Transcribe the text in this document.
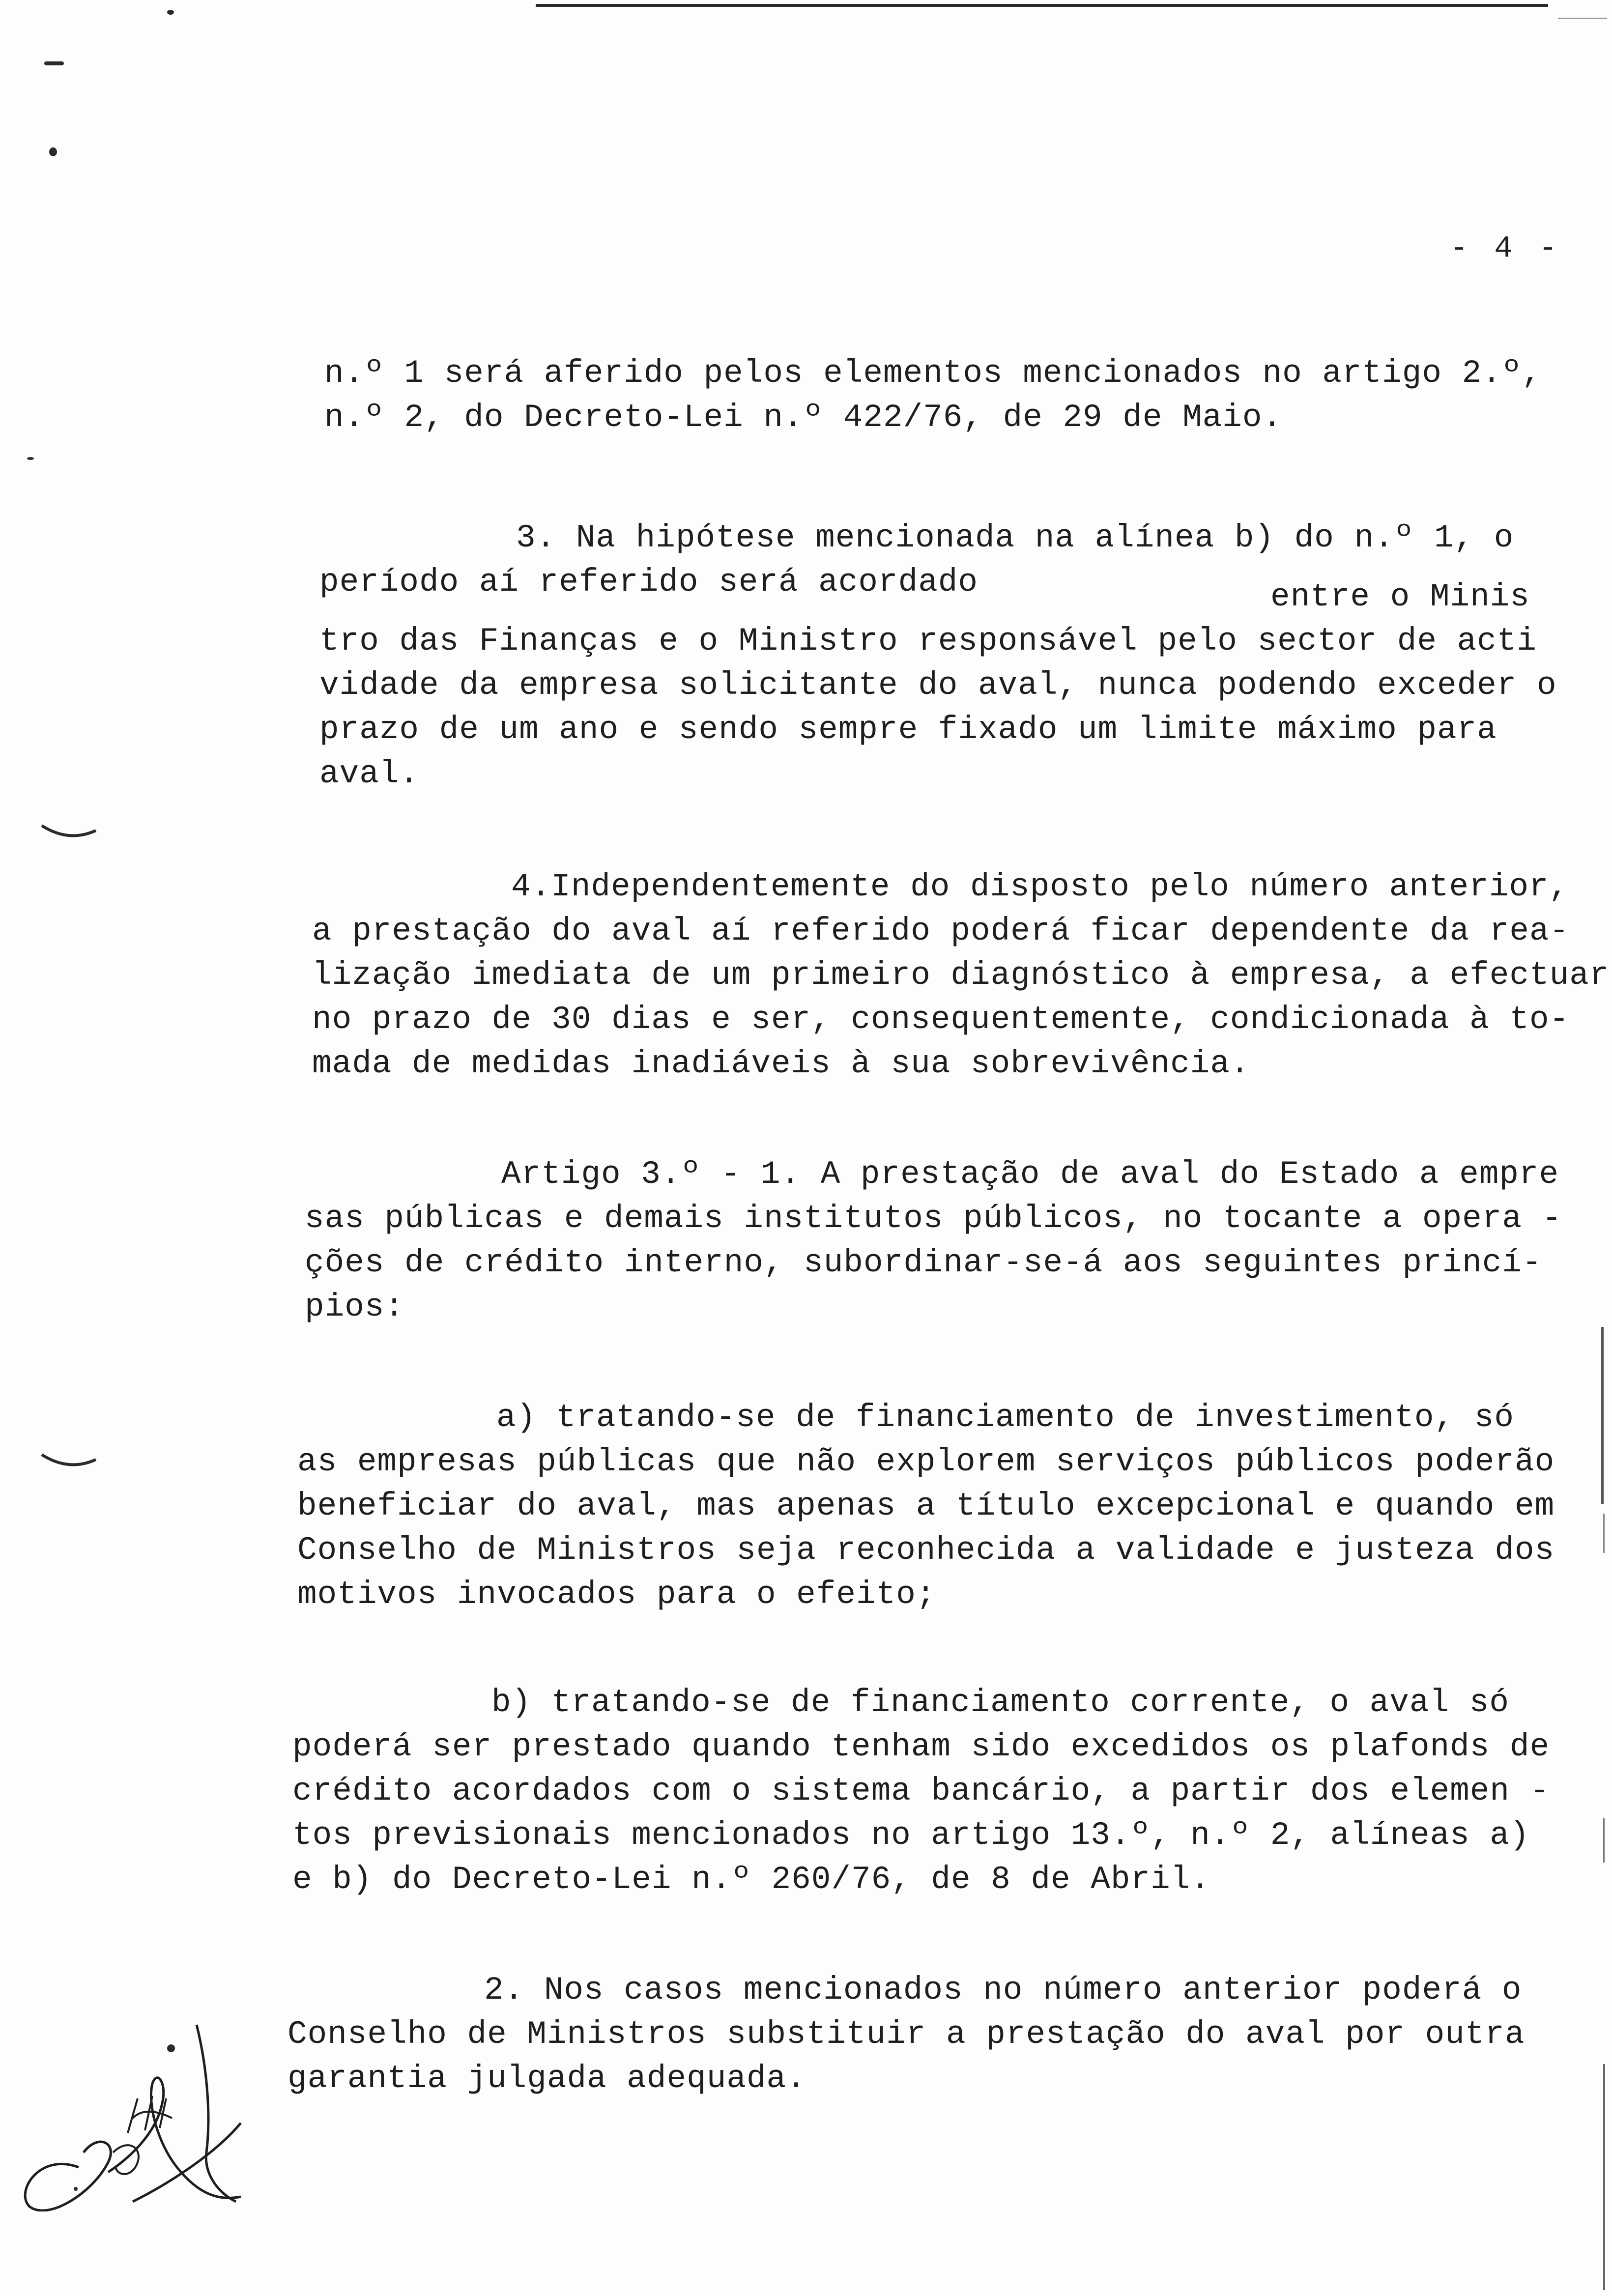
- 4 -
n.º 1 será aferido pelos elementos mencionados no artigo 2.º,
n.º 2, do Decreto-Lei n.º 422/76, de 29 de Maio.
3. Na hipótese mencionada na alínea b) do n.º 1, o
período aí referido será acordado	entre o Minis
tro das Finanças e o Ministro responsável pelo sector de acti
vidade da empresa solicitante do aval, nunca podendo exceder o
prazo de um ano e sendo sempre fixado um limite máximo para
aval.
4.Independentemente do disposto pelo número anterior,
a prestação do aval aí referido poderá ficar dependente da rea-
lização imediata de um primeiro diagnóstico à empresa, a efectuar
no prazo de 30 dias e ser, consequentemente, condicionada à to-
mada de medidas inadiáveis à sua sobrevivência.
Artigo 3.º - 1. A prestação de aval do Estado a empre
sas públicas e demais institutos públicos, no tocante a opera -
ções de crédito interno, subordinar-se-á aos seguintes princí-
pios:
a) tratando-se de financiamento de investimento, só
as empresas públicas que não explorem serviços públicos poderão
beneficiar do aval, mas apenas a título excepcional e quando em
Conselho de Ministros seja reconhecida a validade e justeza dos
motivos invocados para o efeito;
b) tratando-se de financiamento corrente, o aval só
poderá ser prestado quando tenham sido excedidos os plafonds de
crédito acordados com o sistema bancário, a partir dos elemen -
tos previsionais mencionados no artigo 13.º, n.º 2, alíneas a)
e b) do Decreto-Lei n.º 260/76, de 8 de Abril.
2. Nos casos mencionados no número anterior poderá o
Conselho de Ministros substituir a prestação do aval por outra
garantia julgada adequada.
